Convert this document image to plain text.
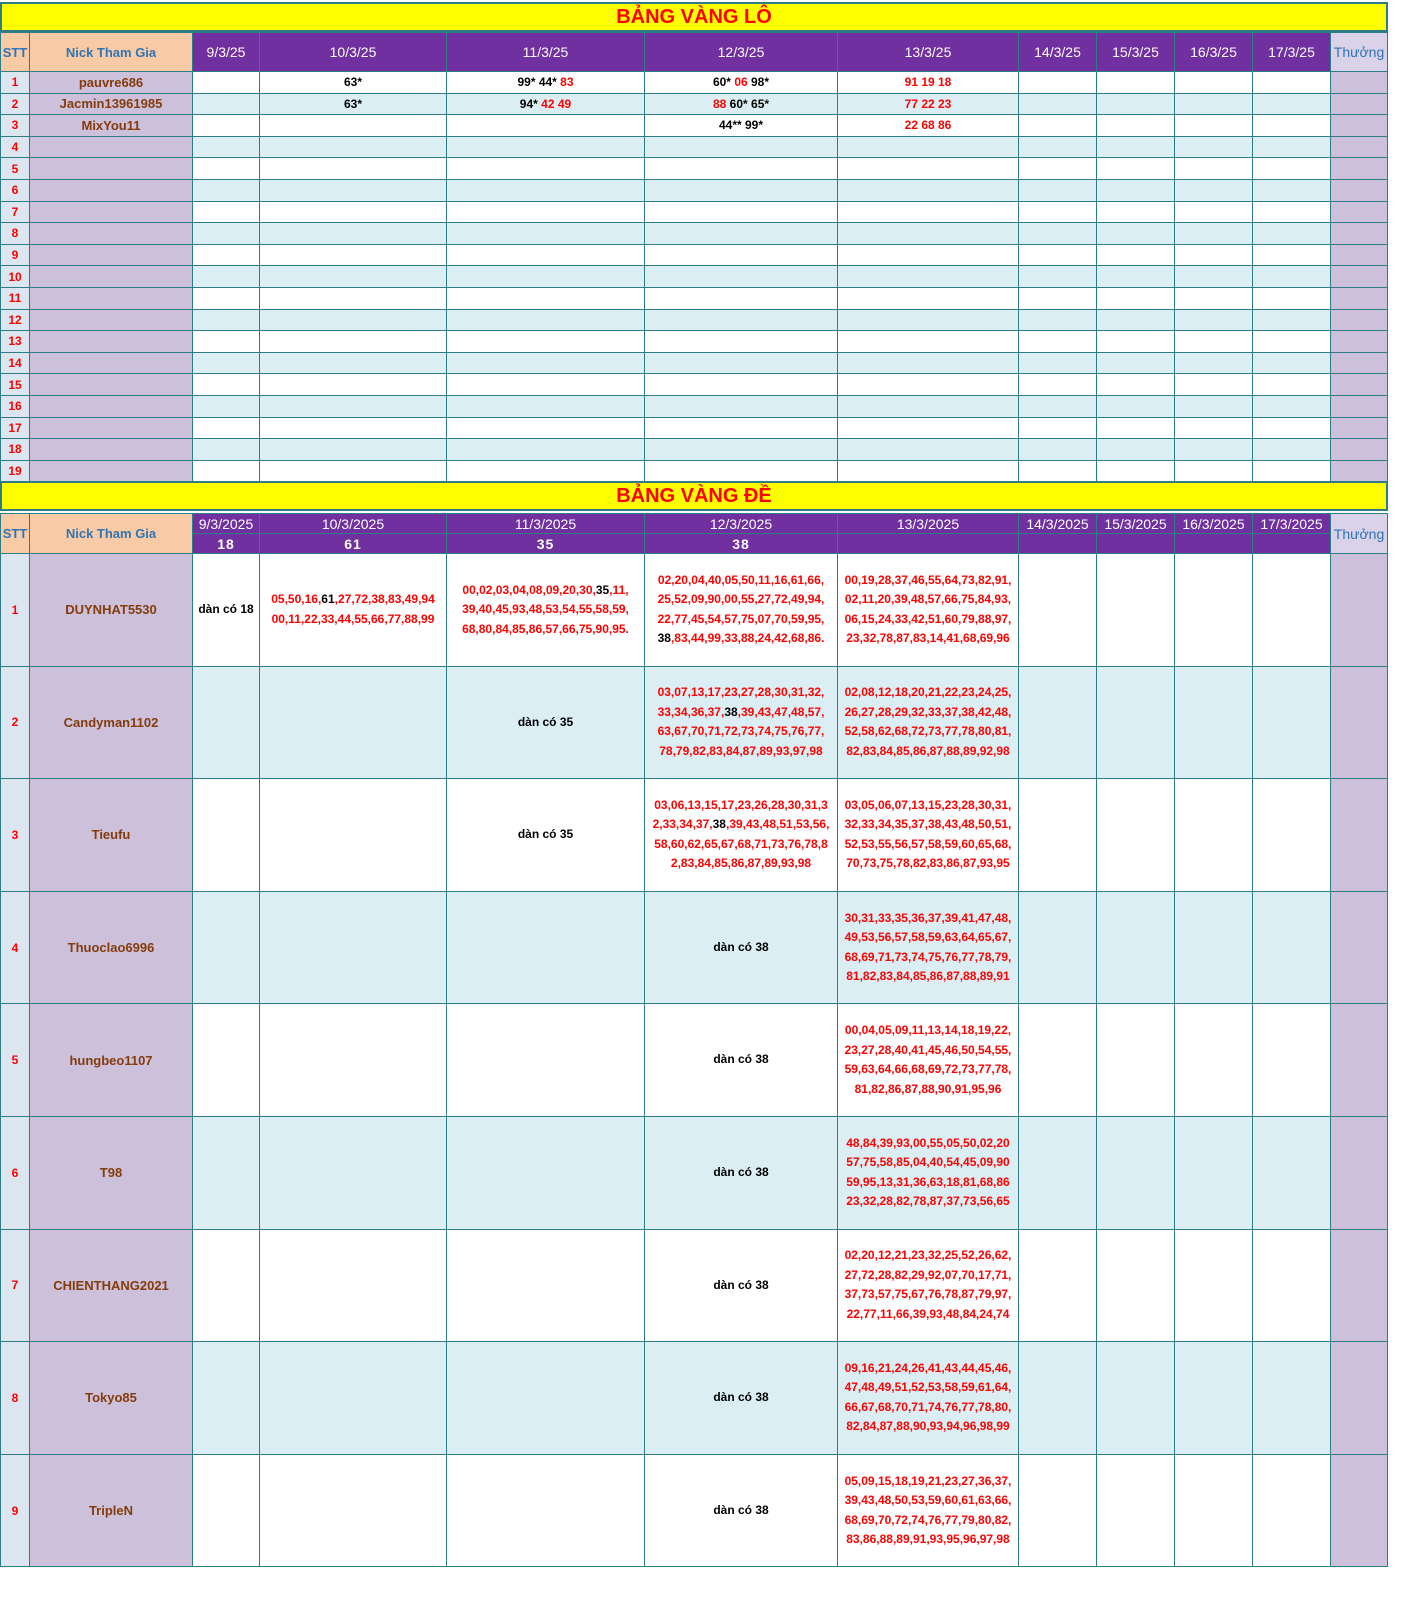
BẢNG VÀNG LÔ
STT	Nick Tham Gia	9/3/25	10/3/25	11/3/25	12/3/25	13/3/25	14/3/25	15/3/25	16/3/25	17/3/25	Thưởng
1	pauvre686		63*	99* 44* 83	60* 06 98*	91 19 18					

2	Jacmin13961985		63*	94* 42 49	88 60* 65*	77 22 23					

3	MixYou11				44** 99*	22 68 86					

4											
5											
6											
7											
8											
9											
10											
11											
12											
13											
14											
15											
16											
17											
18											
19											
BẢNG VÀNG ĐỀ
STT	Nick Tham Gia	9/3/2025	10/3/2025	11/3/2025	12/3/2025	13/3/2025	14/3/2025	15/3/2025	16/3/2025	17/3/2025	Thưởng
		18	61	35	38						
1	DUYNHAT5530	dàn có 18	05,50,16,61,27,72,38,83,49,94
00,11,22,33,44,55,66,77,88,99	00,02,03,04,08,09,20,30,35,11,
39,40,45,93,48,53,54,55,58,59,
68,80,84,85,86,57,66,75,90,95.	02,20,04,40,05,50,11,16,61,66,
25,52,09,90,00,55,27,72,49,94,
22,77,45,54,57,75,07,70,59,95,
38,83,44,99,33,88,24,42,68,86.	00,19,28,37,46,55,64,73,82,91,
02,11,20,39,48,57,66,75,84,93,
06,15,24,33,42,51,60,79,88,97,
23,32,78,87,83,14,41,68,69,96					

2	Candyman1102			dàn có 35	03,07,13,17,23,27,28,30,31,32,
33,34,36,37,38,39,43,47,48,57,
63,67,70,71,72,73,74,75,76,77,
78,79,82,83,84,87,89,93,97,98	02,08,12,18,20,21,22,23,24,25,
26,27,28,29,32,33,37,38,42,48,
52,58,62,68,72,73,77,78,80,81,
82,83,84,85,86,87,88,89,92,98					

3	Tieufu			dàn có 35	03,06,13,15,17,23,26,28,30,31,3
2,33,34,37,38,39,43,48,51,53,56,
58,60,62,65,67,68,71,73,76,78,8
2,83,84,85,86,87,89,93,98	03,05,06,07,13,15,23,28,30,31,
32,33,34,35,37,38,43,48,50,51,
52,53,55,56,57,58,59,60,65,68,
70,73,75,78,82,83,86,87,93,95					

4	Thuoclao6996				dàn có 38	30,31,33,35,36,37,39,41,47,48,
49,53,56,57,58,59,63,64,65,67,
68,69,71,73,74,75,76,77,78,79,
81,82,83,84,85,86,87,88,89,91					

5	hungbeo1107				dàn có 38	00,04,05,09,11,13,14,18,19,22,
23,27,28,40,41,45,46,50,54,55,
59,63,64,66,68,69,72,73,77,78,
81,82,86,87,88,90,91,95,96					

6	T98				dàn có 38	48,84,39,93,00,55,05,50,02,20
57,75,58,85,04,40,54,45,09,90
59,95,13,31,36,63,18,81,68,86
23,32,28,82,78,87,37,73,56,65					

7	CHIENTHANG2021				dàn có 38	02,20,12,21,23,32,25,52,26,62,
27,72,28,82,29,92,07,70,17,71,
37,73,57,75,67,76,78,87,79,97,
22,77,11,66,39,93,48,84,24,74					

8	Tokyo85				dàn có 38	09,16,21,24,26,41,43,44,45,46,
47,48,49,51,52,53,58,59,61,64,
66,67,68,70,71,74,76,77,78,80,
82,84,87,88,90,93,94,96,98,99					

9	TripleN				dàn có 38	05,09,15,18,19,21,23,27,36,37,
39,43,48,50,53,59,60,61,63,66,
68,69,70,72,74,76,77,79,80,82,
83,86,88,89,91,93,95,96,97,98					
